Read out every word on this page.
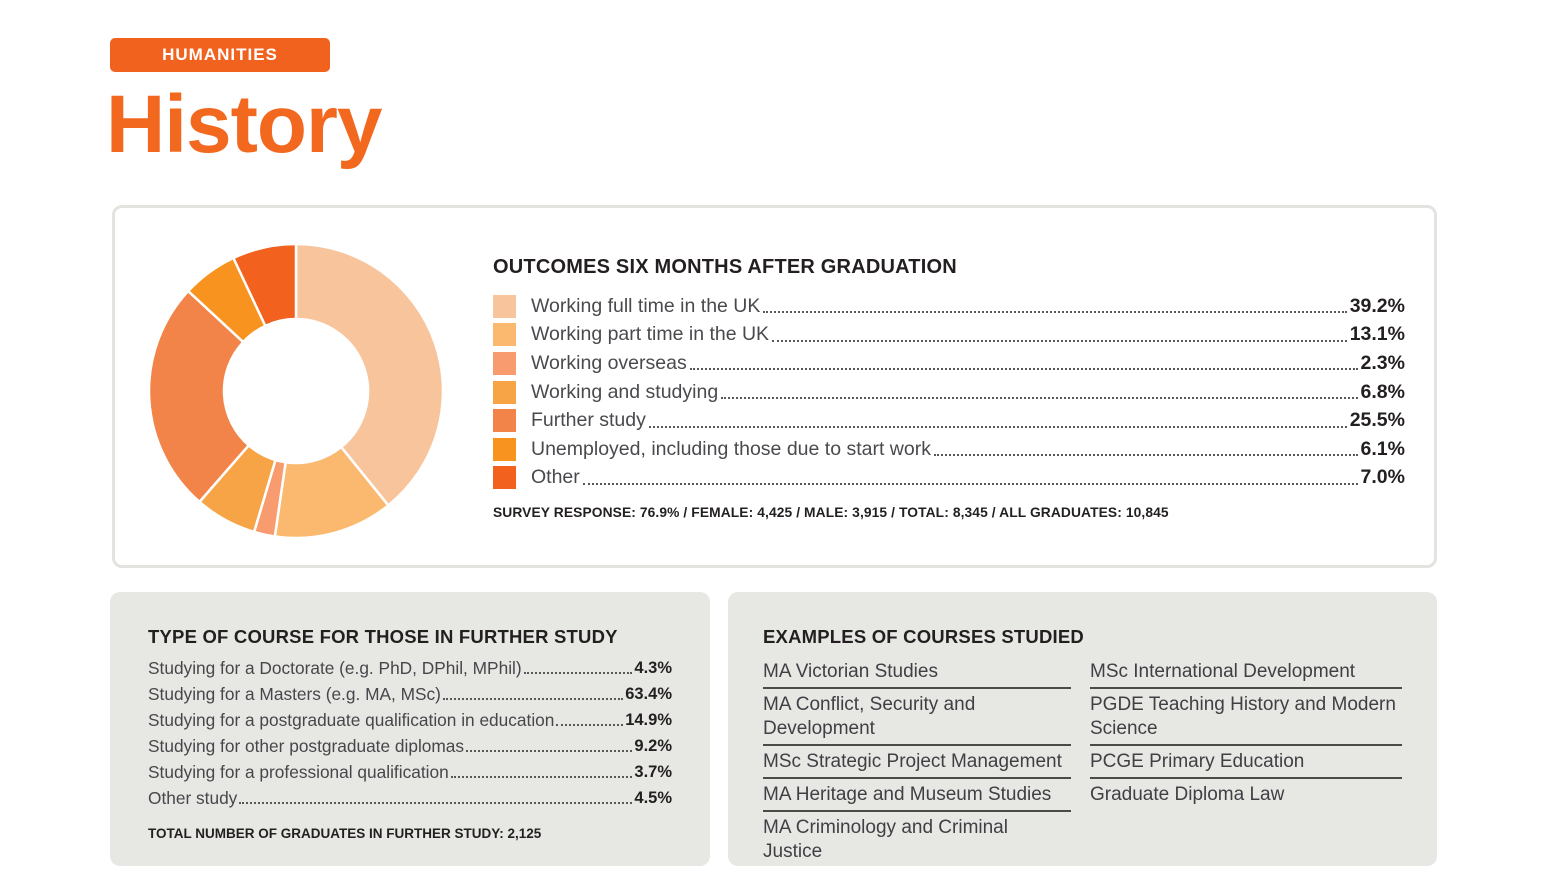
HUMANITIES
History
OUTCOMES SIX MONTHS AFTER GRADUATION
Working full time in the UK	39.2%
Working part time in the UK	13.1%
Working overseas	2.3%
Working and studying	6.8%
Further study	25.5%
Unemployed, including those due to start work	6.1%
Other	7.0%
SURVEY RESPONSE: 76.9% / FEMALE: 4,425 / MALE: 3,915 / TOTAL: 8,345 / ALL GRADUATES: 10,845
TYPE OF COURSE FOR THOSE IN FURTHER STUDY
Studying for a Doctorate (e.g. PhD, DPhil, MPhil)	4.3%
Studying for a Masters (e.g. MA, MSc)	63.4%
Studying for a postgraduate qualification in education	14.9%
Studying for other postgraduate diplomas	9.2%
Studying for a professional qualification	3.7%
Other study	4.5%
TOTAL NUMBER OF GRADUATES IN FURTHER STUDY: 2,125
EXAMPLES OF COURSES STUDIED
MA Victorian Studies
MA Conflict, Security and Development
MSc Strategic Project Management
MA Heritage and Museum Studies
MA Criminology and Criminal Justice
MSc International Development
PGDE Teaching History and Modern Science
PCGE Primary Education
Graduate Diploma Law
